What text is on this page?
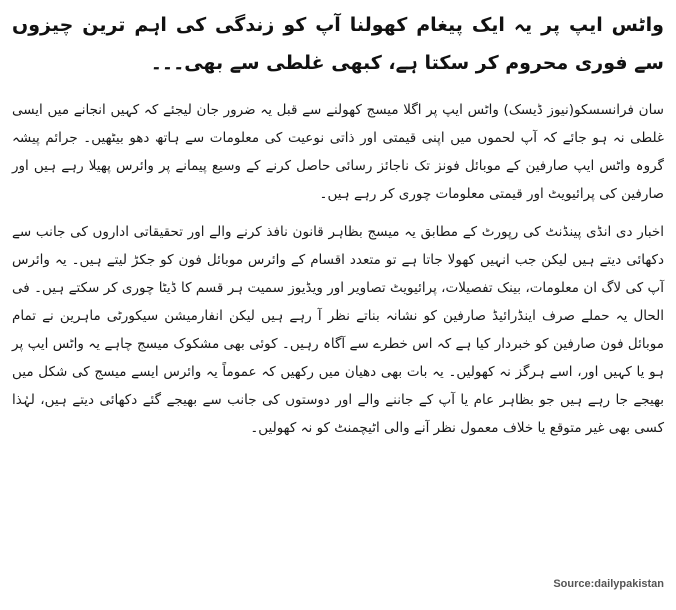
واٹس ایپ پر یہ ایک پیغام کھولنا آپ کو زندگی کی اہم ترین چیزوں سے فوری محروم کر سکتا ہے، کبھی غلطی سے بھی۔۔۔

سان فرانسسکو(نیوز ڈیسک) واٹس ایپ پر اگلا میسج کھولنے سے قبل یہ ضرور جان لیجئے کہ کہیں انجانے میں ایسی غلطی نہ ہو جائے کہ آپ لحموں میں اپنی قیمتی اور ذاتی نوعیت کی معلومات سے ہاتھ دھو بیٹھیں۔ جرائم پیشہ گروہ واٹس ایپ صارفین کے موبائل فونز تک ناجائز رسائی حاصل کرنے کے وسیع پیمانے پر وائرس پھیلا رہے ہیں اور صارفین کی پرائیویٹ اور قیمتی معلومات چوری کر رہے ہیں۔

اخبار دی انڈی پینڈنٹ کی رپورٹ کے مطابق یہ میسج بظاہر قانون نافذ کرنے والے اور تحقیقاتی اداروں کی جانب سے دکھائی دیتے ہیں لیکن جب انہیں کھولا جاتا ہے تو متعدد اقسام کے وائرس موبائل فون کو جکڑ لیتے ہیں۔ یہ وائرس آپ کی لاگ ان معلومات، بینک تفصیلات، پرائیویٹ تصاویر اور ویڈیوز سمیت ہر قسم کا ڈیٹا چوری کر سکتے ہیں۔ فی الحال یہ حملے صرف اینڈرائیڈ صارفین کو نشانہ بناتے نظر آ رہے ہیں لیکن انفارمیشن سیکورٹی ماہرین نے تمام موبائل فون صارفین کو خبردار کیا ہے کہ اس خطرے سے آگاہ رہیں۔ کوئی بھی مشکوک میسج چاہے یہ واٹس ایپ پر ہو یا کہیں اور، اسے ہرگز نہ کھولیں۔ یہ بات بھی دھیان میں رکھیں کہ عموماً یہ وائرس ایسے میسج کی شکل میں بھیجے جا رہے ہیں جو بظاہر عام یا آپ کے جاننے والے اور دوستوں کی جانب سے بھیجے گئے دکھائی دیتے ہیں، لہٰذا کسی بھی غیر متوقع یا خلاف معمول نظر آنے والی اٹیچمنٹ کو نہ کھولیں۔

Source:dailypakistan
